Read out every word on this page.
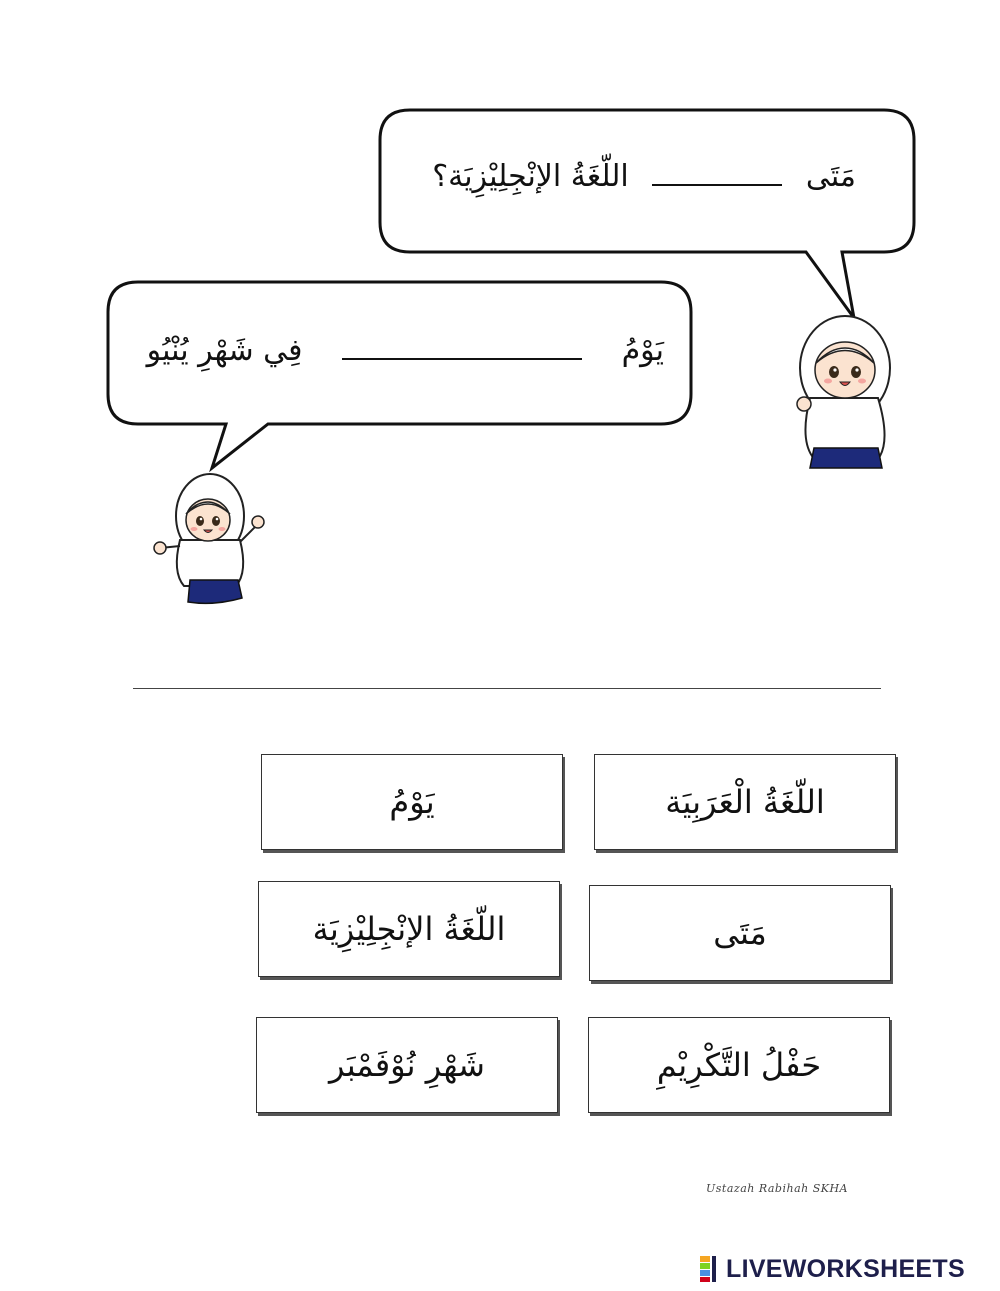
مَتَى  اللّغَةُ الإنْجِلِيْزِيَة؟
يَوْمُ  فِي شَهْرِ يُنْيُو
اللّغَةُ الْعَرَبِيَة
يَوْمُ
مَتَى
اللّغَةُ الإنْجِلِيْزِيَة
حَفْلُ التَّكْرِيْمِ
شَهْرِ نُوْفَمْبَر
Ustazah Rabihah SKHA
LIVEWORKSHEETS
